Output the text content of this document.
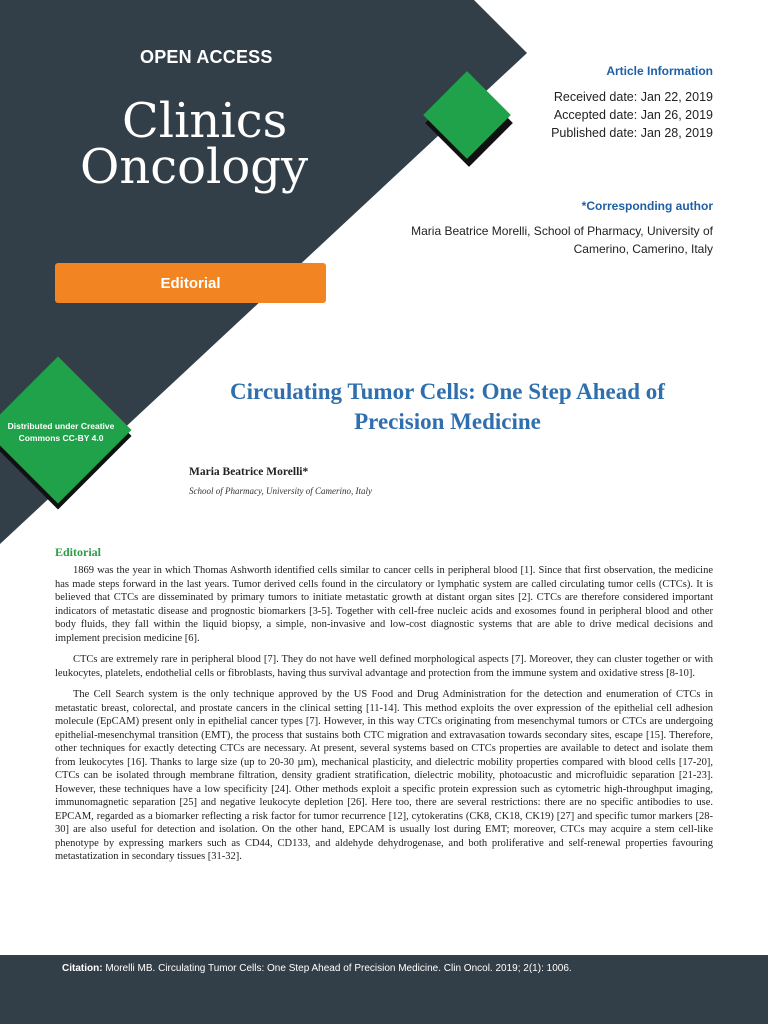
OPEN ACCESS
Clinics
Oncology
Article Information
Received date: Jan 22, 2019
Accepted date: Jan 26, 2019
Published date: Jan 28, 2019
*Corresponding author
Maria Beatrice Morelli, School of Pharmacy, University of Camerino, Camerino, Italy
Editorial
Distributed under Creative Commons CC-BY 4.0
Circulating Tumor Cells: One Step Ahead of Precision Medicine
Maria Beatrice Morelli*
School of Pharmacy, University of Camerino, Italy
Editorial

1869 was the year in which Thomas Ashworth identified cells similar to cancer cells in peripheral blood [1]. Since that first observation, the medicine has made steps forward in the last years. Tumor derived cells found in the circulatory or lymphatic system are called circulating tumor cells (CTCs). It is believed that CTCs are disseminated by primary tumors to initiate metastatic growth at distant organ sites [2]. CTCs are therefore considered important indicators of metastatic disease and prognostic biomarkers [3-5]. Together with cell-free nucleic acids and exosomes found in peripheral blood and other body fluids, they fall within the liquid biopsy, a simple, non-invasive and low-cost diagnostic systems that are able to drive medical decisions and implement precision medicine [6].

CTCs are extremely rare in peripheral blood [7]. They do not have well defined morphological aspects [7]. Moreover, they can cluster together or with leukocytes, platelets, endothelial cells or fibroblasts, having thus survival advantage and protection from the immune system and oxidative stress [8-10].

The Cell Search system is the only technique approved by the US Food and Drug Administration for the detection and enumeration of CTCs in metastatic breast, colorectal, and prostate cancers in the clinical setting [11-14]. This method exploits the over expression of the epithelial cell adhesion molecule (EpCAM) present only in epithelial cancer types [7]. However, in this way CTCs originating from mesenchymal tumors or CTCs are undergoing epithelial-mesenchymal transition (EMT), the process that sustains both CTC migration and extravasation towards secondary sites, escape [15]. Therefore, other techniques for exactly detecting CTCs are necessary. At present, several systems based on CTCs properties are available to detect and isolate them from leukocytes [16]. Thanks to large size (up to 20-30 µm), mechanical plasticity, and dielectric mobility properties compared with blood cells [17-20], CTCs can be isolated through membrane filtration, density gradient stratification, dielectric mobility, photoacustic and microfluidic separation [21-23]. However, these techniques have a low specificity [24]. Other methods exploit a specific protein expression such as cytometric high-throughput imaging, immunomagnetic separation [25] and negative leukocyte depletion [26]. Here too, there are several restrictions: there are no specific antibodies to use. EPCAM, regarded as a biomarker reflecting a risk factor for tumor recurrence [12], cytokeratins (CK8, CK18, CK19) [27] and specific tumor markers [28-30] are also useful for detection and isolation. On the other hand, EPCAM is usually lost during EMT; moreover, CTCs may acquire a stem cell-like phenotype by expressing markers such as CD44, CD133, and aldehyde dehydrogenase, and both proliferative and self-renewal properties favouring metastatization in secondary tissues [31-32].

Citation: Morelli MB. Circulating Tumor Cells: One Step Ahead of Precision Medicine. Clin Oncol. 2019; 2(1): 1006.
